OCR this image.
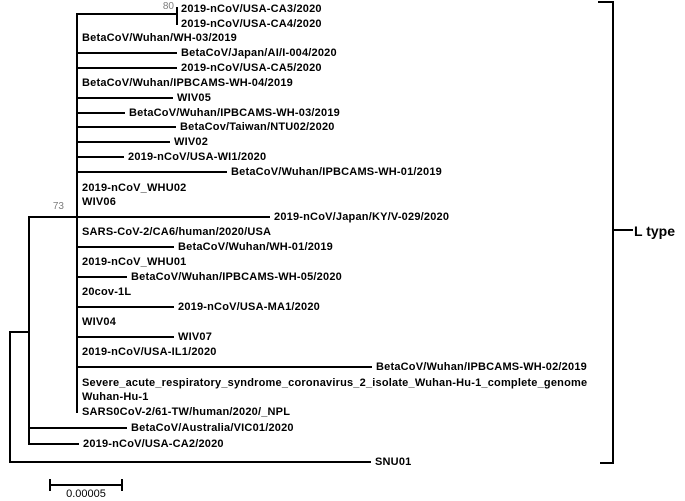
2019-nCoV/USA-CA3/2020
2019-nCoV/USA-CA4/2020
BetaCoV/Wuhan/WH-03/2019
BetaCoV/Japan/AI/I-004/2020
2019-nCoV/USA-CA5/2020
BetaCoV/Wuhan/IPBCAMS-WH-04/2019
WIV05
BetaCoV/Wuhan/IPBCAMS-WH-03/2019
BetaCov/Taiwan/NTU02/2020
WIV02
2019-nCoV/USA-WI1/2020
BetaCoV/Wuhan/IPBCAMS-WH-01/2019
2019-nCoV_WHU02
WIV06
2019-nCoV/Japan/KY/V-029/2020
SARS-CoV-2/CA6/human/2020/USA
BetaCoV/Wuhan/WH-01/2019
2019-nCoV_WHU01
BetaCoV/Wuhan/IPBCAMS-WH-05/2020
20cov-1L
2019-nCoV/USA-MA1/2020
WIV04
WIV07
2019-nCoV/USA-IL1/2020
BetaCoV/Wuhan/IPBCAMS-WH-02/2019
Severe_acute_respiratory_syndrome_coronavirus_2_isolate_Wuhan-Hu-1_complete_genome
Wuhan-Hu-1
SARS0CoV-2/61-TW/human/2020/_NPL
BetaCoV/Australia/VIC01/2020
2019-nCoV/USA-CA2/2020
SNU01
80
73
L type
0.00005
